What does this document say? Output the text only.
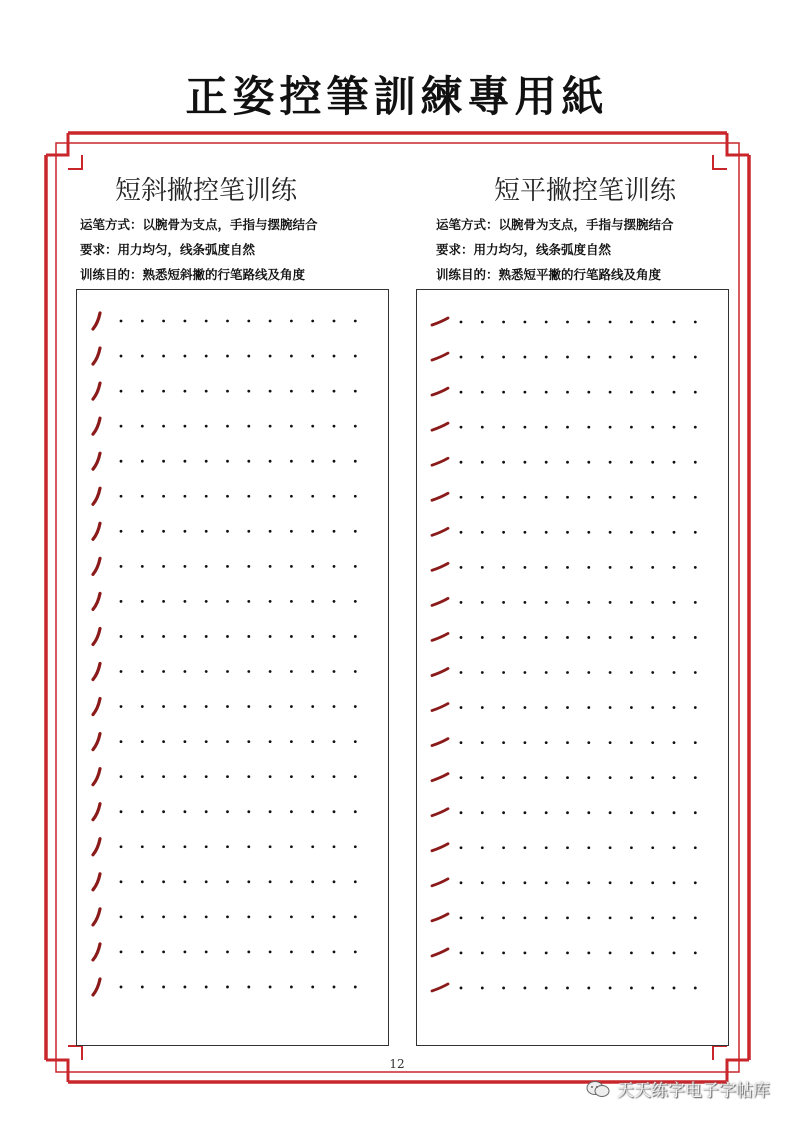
正姿控筆訓練專用紙
短斜撇控笔训练
运笔方式：以腕骨为支点，手指与摆腕结合
要求：用力均匀，线条弧度自然
训练目的：熟悉短斜撇的行笔路线及角度
短平撇控笔训练
运笔方式：以腕骨为支点，手指与摆腕结合
要求：用力均匀，线条弧度自然
训练目的：熟悉短平撇的行笔路线及角度
12
天天练字电子字帖库
